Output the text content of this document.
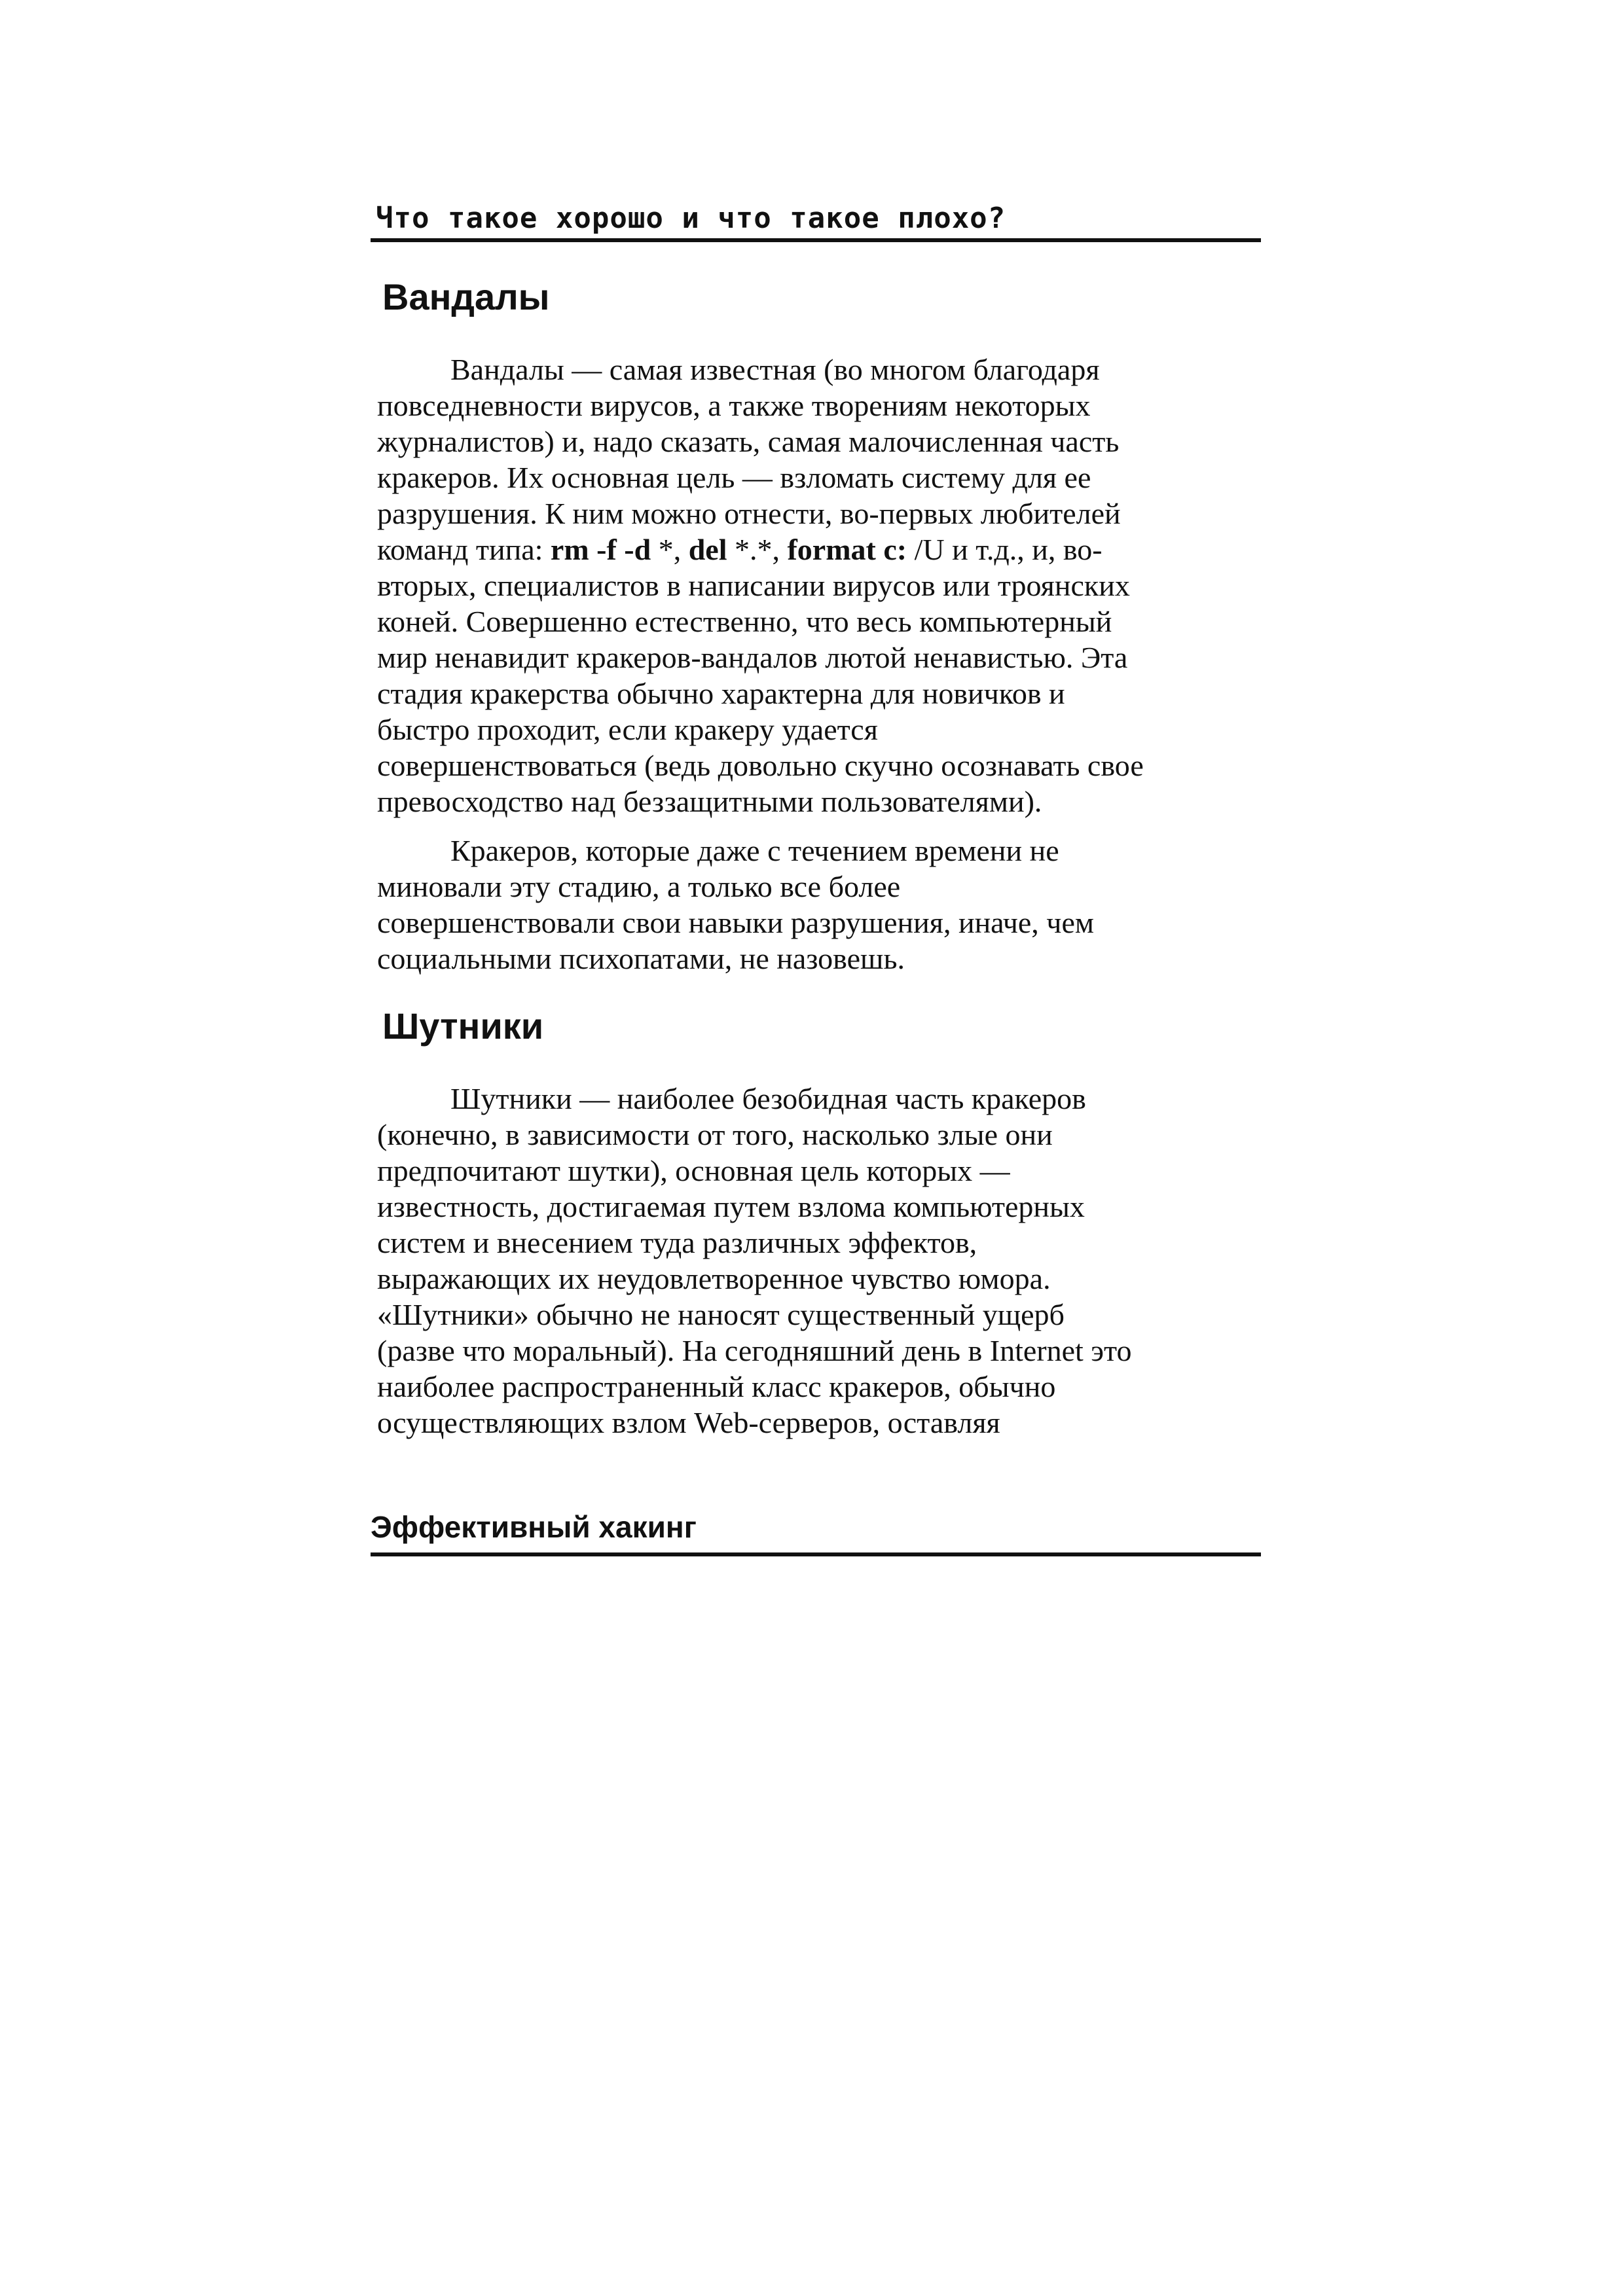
Что такое хорошо и что такое плохо?
Вандалы
Вандалы — самая известная (во многом благодаря
повседневности вирусов, а также творениям некоторых
журналистов) и, надо сказать, самая малочисленная часть
кракеров. Их основная цель — взломать систему для ее
разрушения. К ним можно отнести, во-первых любителей
команд типа: rm -f -d *, del *.*, format c: /U и т.д., и, во-
вторых, специалистов в написании вирусов или троянских
коней. Совершенно естественно, что весь компьютерный
мир ненавидит кракеров-вандалов лютой ненавистью. Эта
стадия кракерства обычно характерна для новичков и
быстро проходит, если кракеру удается
совершенствоваться (ведь довольно скучно осознавать свое
превосходство над беззащитными пользователями).
Кракеров, которые даже с течением времени не
миновали эту стадию, а только все более
совершенствовали свои навыки разрушения, иначе, чем
социальными психопатами, не назовешь.
Шутники
Шутники — наиболее безобидная часть кракеров
(конечно, в зависимости от того, насколько злые они
предпочитают шутки), основная цель которых —
известность, достигаемая путем взлома компьютерных
систем и внесением туда различных эффектов,
выражающих их неудовлетворенное чувство юмора.
«Шутники» обычно не наносят существенный ущерб
(разве что моральный). На сегодняшний день в Internet это
наиболее распространенный класс кракеров, обычно
осуществляющих взлом Web-серверов, оставляя
Эффективный хакинг
